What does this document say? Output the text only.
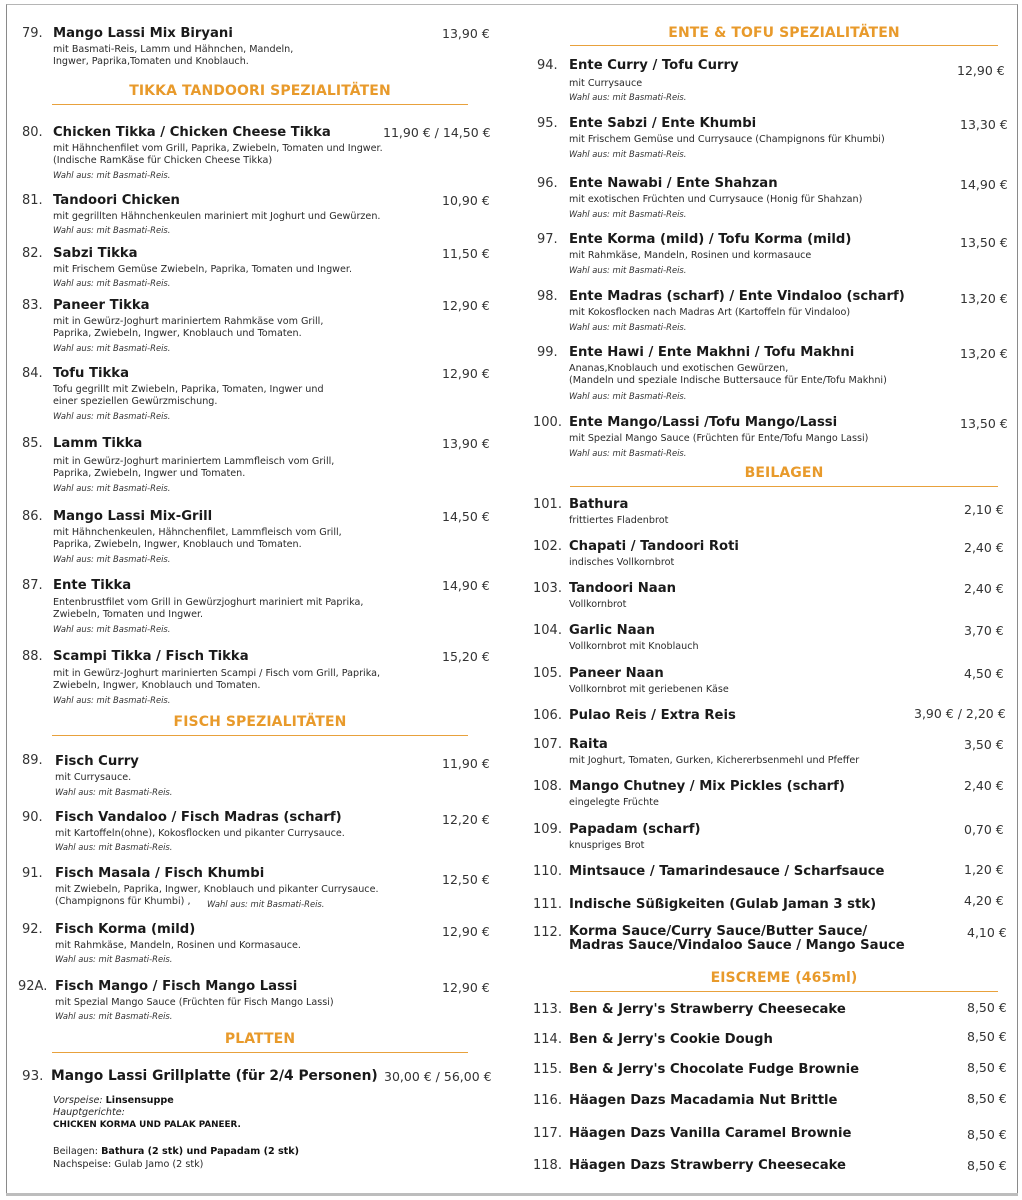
79. Mango Lassi Mix Biryani	13,90 €
mit Basmati-Reis, Lamm und Hähnchen, Mandeln,
Ingwer, Paprika,Tomaten und Knoblauch.
TIKKA TANDOORI SPEZIALITÄTEN
80. Chicken Tikka / Chicken Cheese Tikka	11,90 € / 14,50 €
mit Hähnchenfilet vom Grill, Paprika, Zwiebeln, Tomaten und Ingwer.
(Indische RamKäse für Chicken Cheese Tikka)
Wahl aus: mit Basmati-Reis.
81. Tandoori Chicken	10,90 €
mit gegrillten Hähnchenkeulen mariniert mit Joghurt und Gewürzen.
Wahl aus: mit Basmati-Reis.
82. Sabzi Tikka	11,50 €
mit Frischem Gemüse Zwiebeln, Paprika, Tomaten und Ingwer.
Wahl aus: mit Basmati-Reis.
83. Paneer Tikka	12,90 €
mit in Gewürz-Joghurt mariniertem Rahmkäse vom Grill,
Paprika, Zwiebeln, Ingwer, Knoblauch und Tomaten.
Wahl aus: mit Basmati-Reis.
84. Tofu Tikka	12,90 €
Tofu gegrillt mit Zwiebeln, Paprika, Tomaten, Ingwer und
einer speziellen Gewürzmischung.
Wahl aus: mit Basmati-Reis.
85. Lamm Tikka	13,90 €
mit in Gewürz-Joghurt mariniertem Lammfleisch vom Grill,
Paprika, Zwiebeln, Ingwer und Tomaten.
Wahl aus: mit Basmati-Reis.
86. Mango Lassi Mix-Grill	14,50 €
mit Hähnchenkeulen, Hähnchenfilet, Lammfleisch vom Grill,
Paprika, Zwiebeln, Ingwer, Knoblauch und Tomaten.
Wahl aus: mit Basmati-Reis.
87. Ente Tikka	14,90 €
Entenbrustfilet vom Grill in Gewürzjoghurt mariniert mit Paprika,
Zwiebeln, Tomaten und Ingwer.
Wahl aus: mit Basmati-Reis.
88. Scampi Tikka / Fisch Tikka	15,20 €
mit in Gewürz-Joghurt marinierten Scampi / Fisch vom Grill, Paprika,
Zwiebeln, Ingwer, Knoblauch und Tomaten.
Wahl aus: mit Basmati-Reis.
FISCH SPEZIALITÄTEN
89. Fisch Curry	11,90 €
mit Currysauce.
Wahl aus: mit Basmati-Reis.
90. Fisch Vandaloo / Fisch Madras (scharf)	12,20 €
mit Kartoffeln(ohne), Kokosflocken und pikanter Currysauce.
Wahl aus: mit Basmati-Reis.
91. Fisch Masala / Fisch Khumbi	12,50 €
mit Zwiebeln, Paprika, Ingwer, Knoblauch und pikanter Currysauce.
(Champignons für Khumbi) ,	Wahl aus: mit Basmati-Reis.
92. Fisch Korma (mild)	12,90 €
mit Rahmkäse, Mandeln, Rosinen und Kormasauce.
Wahl aus: mit Basmati-Reis.
92A. Fisch Mango / Fisch Mango Lassi	12,90 €
mit Spezial Mango Sauce (Früchten für Fisch Mango Lassi)
Wahl aus: mit Basmati-Reis.
PLATTEN
93. Mango Lassi Grillplatte (für 2/4 Personen) 30,00 € / 56,00 €
Vorspeise: Linsensuppe
Hauptgerichte:
CHICKEN KORMA UND PALAK PANEER.
Beilagen: Bathura (2 stk) und Papadam (2 stk)
Nachspeise: Gulab Jamo (2 stk)
ENTE & TOFU SPEZIALITÄTEN
94. Ente Curry / Tofu Curry	12,90 €
mit Currysauce
Wahl aus: mit Basmati-Reis.
95. Ente Sabzi / Ente Khumbi	13,30 €
mit Frischem Gemüse und Currysauce (Champignons für Khumbi)
Wahl aus: mit Basmati-Reis.
96. Ente Nawabi / Ente Shahzan	14,90 €
mit exotischen Früchten und Currysauce (Honig für Shahzan)
Wahl aus: mit Basmati-Reis.
97. Ente Korma (mild) / Tofu Korma (mild)	13,50 €
mit Rahmkäse, Mandeln, Rosinen und kormasauce
Wahl aus: mit Basmati-Reis.
98. Ente Madras (scharf) / Ente Vindaloo (scharf)	13,20 €
mit Kokosflocken nach Madras Art (Kartoffeln für Vindaloo)
Wahl aus: mit Basmati-Reis.
99. Ente Hawi / Ente Makhni / Tofu Makhni	13,20 €
Ananas,Knoblauch und exotischen Gewürzen,
(Mandeln und speziale Indische Buttersauce für Ente/Tofu Makhni)
Wahl aus: mit Basmati-Reis.
100. Ente Mango/Lassi /Tofu Mango/Lassi	13,50 €
mit Spezial Mango Sauce (Früchten für Ente/Tofu Mango Lassi)
Wahl aus: mit Basmati-Reis.
BEILAGEN
101. Bathura	2,10 €
frittiertes Fladenbrot
102. Chapati / Tandoori Roti	2,40 €
indisches Vollkornbrot
103. Tandoori Naan	2,40 €
Vollkornbrot
104. Garlic Naan	3,70 €
Vollkornbrot mit Knoblauch
105. Paneer Naan	4,50 €
Vollkornbrot mit geriebenen Käse
106. Pulao Reis / Extra Reis	3,90 € / 2,20 €
107. Raita	3,50 €
mit Joghurt, Tomaten, Gurken, Kichererbsenmehl und Pfeffer
108. Mango Chutney / Mix Pickles (scharf)	2,40 €
eingelegte Früchte
109. Papadam (scharf)	0,70 €
knuspriges Brot
110. Mintsauce / Tamarindesauce / Scharfsauce	1,20 €
111. Indische Süßigkeiten (Gulab Jaman 3 stk)	4,20 €
112. Korma Sauce/Curry Sauce/Butter Sauce/
Madras Sauce/Vindaloo Sauce / Mango Sauce
4,10 €
EISCREME (465ml)
113. Ben & Jerry's Strawberry Cheesecake	8,50 €
114. Ben & Jerry's Cookie Dough	8,50 €
115. Ben & Jerry's Chocolate Fudge Brownie	8,50 €
116. Häagen Dazs Macadamia Nut Brittle	8,50 €
117. Häagen Dazs Vanilla Caramel Brownie	8,50 €
118. Häagen Dazs Strawberry Cheesecake	8,50 €
